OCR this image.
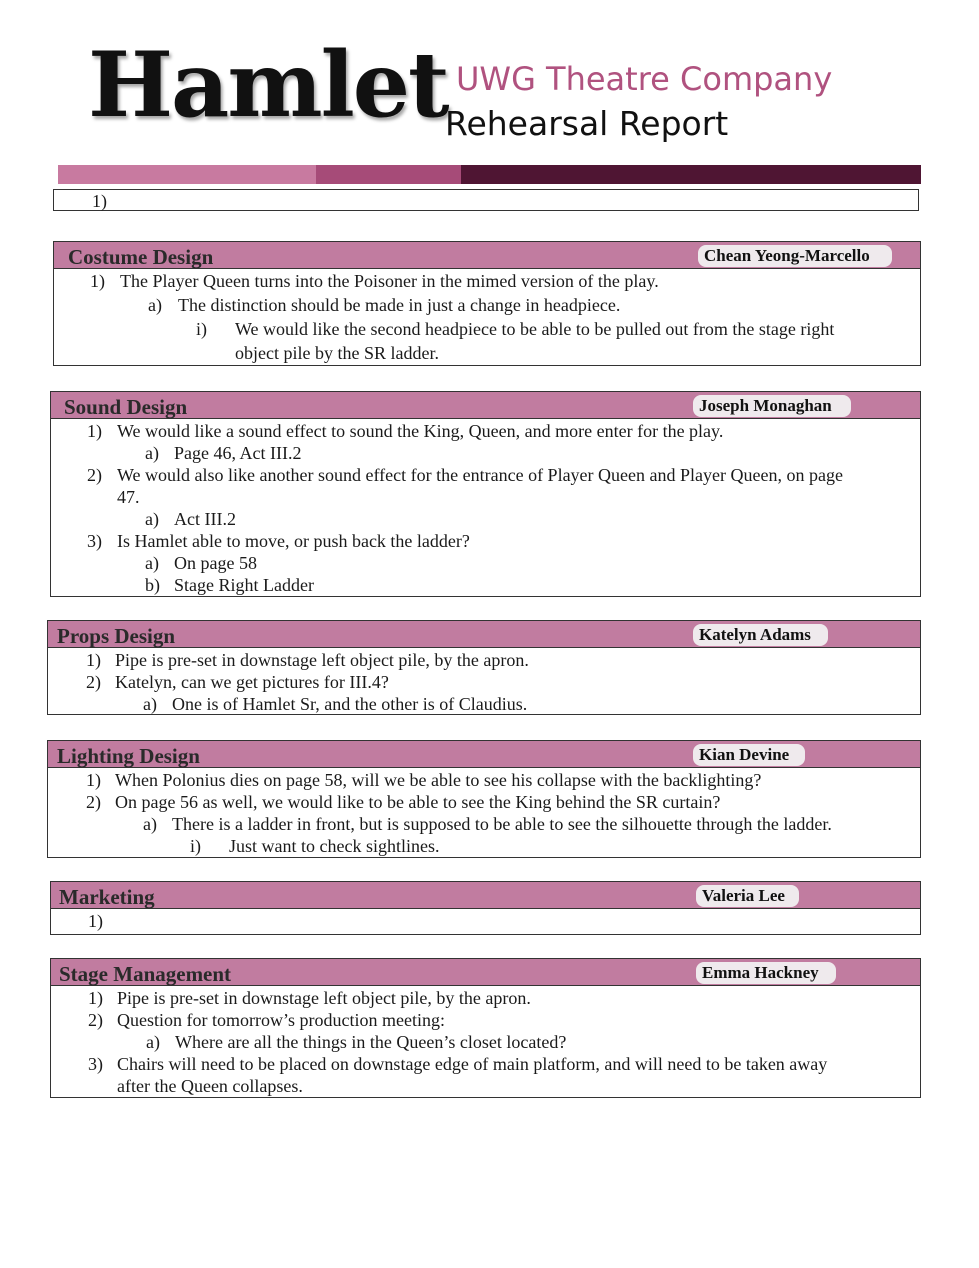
Hamlet UWG Theatre Company
Rehearsal Report
1)
Costume Design	Chean Yeong-Marcello
1) The Player Queen turns into the Poisoner in the mimed version of the play.
a) The distinction should be made in just a change in headpiece.
i) We would like the second headpiece to be able to be pulled out from the stage right
object pile by the SR ladder.
Sound Design	Joseph Monaghan
1) We would like a sound effect to sound the King, Queen, and more enter for the play.
a) Page 46, Act III.2
2) We would also like another sound effect for the entrance of Player Queen and Player Queen, on page
47.
a) Act III.2
3) Is Hamlet able to move, or push back the ladder?
a) On page 58
b) Stage Right Ladder
Props Design	Katelyn Adams
1) Pipe is pre-set in downstage left object pile, by the apron.
2) Katelyn, can we get pictures for III.4?
a) One is of Hamlet Sr, and the other is of Claudius.
Lighting Design	Kian Devine
1) When Polonius dies on page 58, will we be able to see his collapse with the backlighting?
2) On page 56 as well, we would like to be able to see the King behind the SR curtain?
a) There is a ladder in front, but is supposed to be able to see the silhouette through the ladder.
i) Just want to check sightlines.
Marketing	Valeria Lee
1)
Stage Management	Emma Hackney
1) Pipe is pre-set in downstage left object pile, by the apron.
2) Question for tomorrow’s production meeting:
a) Where are all the things in the Queen’s closet located?
3) Chairs will need to be placed on downstage edge of main platform, and will need to be taken away
after the Queen collapses.
